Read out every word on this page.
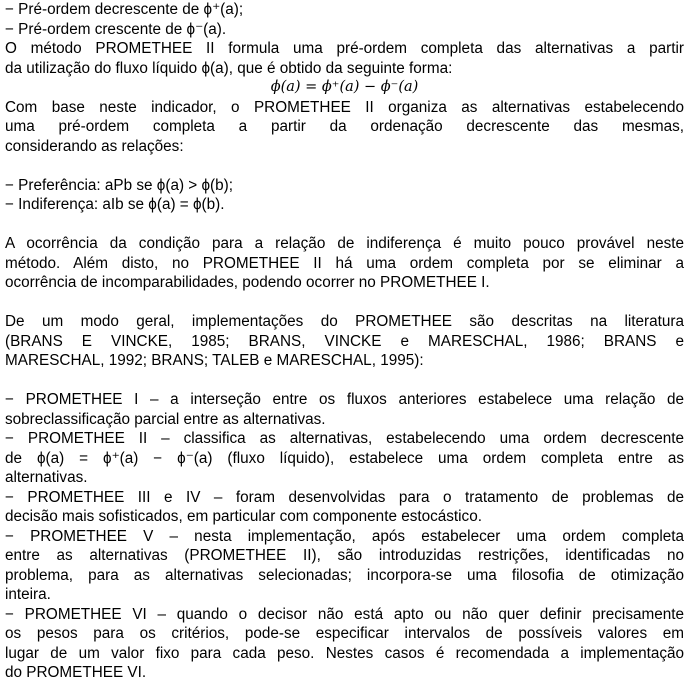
− Pré-ordem decrescente de ϕ⁺(a);
− Pré-ordem crescente de ϕ⁻(a).
O método PROMETHEE II formula uma pré-ordem completa das alternativas a partir
da utilização do fluxo líquido ϕ(a), que é obtido da seguinte forma:
ϕ(a) = ϕ⁺(a) − ϕ⁻(a)
Com base neste indicador, o PROMETHEE II organiza as alternativas estabelecendo
uma pré-ordem completa a partir da ordenação decrescente das mesmas,
considerando as relações:
− Preferência: aPb se ϕ(a) > ϕ(b);
− Indiferença: aIb se ϕ(a) = ϕ(b).
A ocorrência da condição para a relação de indiferença é muito pouco provável neste
método. Além disto, no PROMETHEE II há uma ordem completa por se eliminar a
ocorrência de incomparabilidades, podendo ocorrer no PROMETHEE I.
De um modo geral, implementações do PROMETHEE são descritas na literatura
(BRANS E VINCKE, 1985; BRANS, VINCKE e MARESCHAL, 1986; BRANS e
MARESCHAL, 1992; BRANS; TALEB e MARESCHAL, 1995):
− PROMETHEE I – a interseção entre os fluxos anteriores estabelece uma relação de
sobreclassificação parcial entre as alternativas.
− PROMETHEE II – classifica as alternativas, estabelecendo uma ordem decrescente
de ϕ(a) = ϕ⁺(a) − ϕ⁻(a) (fluxo líquido), estabelece uma ordem completa entre as
alternativas.
− PROMETHEE III e IV – foram desenvolvidas para o tratamento de problemas de
decisão mais sofisticados, em particular com componente estocástico.
− PROMETHEE V – nesta implementação, após estabelecer uma ordem completa
entre as alternativas (PROMETHEE II), são introduzidas restrições, identificadas no
problema, para as alternativas selecionadas; incorpora-se uma filosofia de otimização
inteira.
− PROMETHEE VI – quando o decisor não está apto ou não quer definir precisamente
os pesos para os critérios, pode-se especificar intervalos de possíveis valores em
lugar de um valor fixo para cada peso. Nestes casos é recomendada a implementação
do PROMETHEE VI.
